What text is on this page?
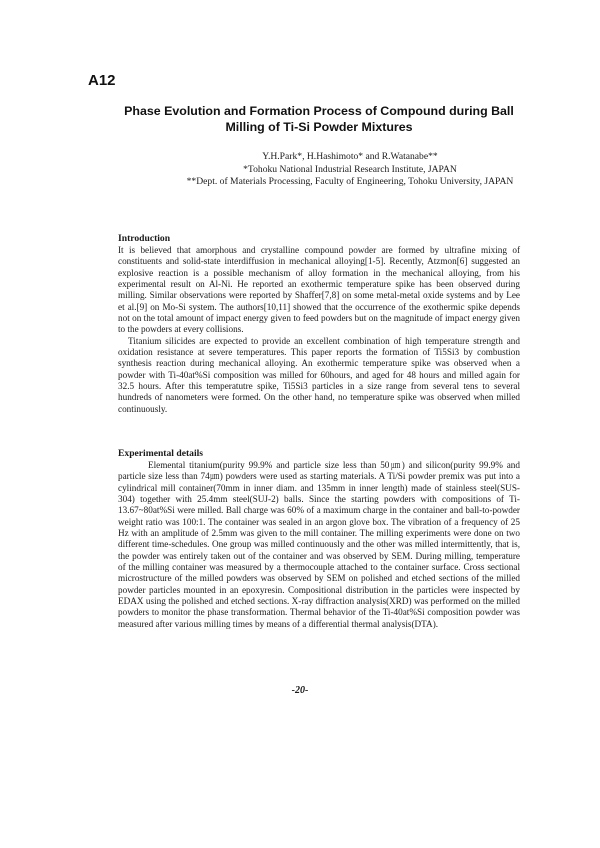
A12
Phase Evolution and Formation Process of Compound during Ball
Milling of Ti-Si Powder Mixtures
Y.H.Park*, H.Hashimoto* and R.Watanabe**
*Tohoku National Industrial Research Institute, JAPAN
**Dept. of Materials Processing, Faculty of Engineering, Tohoku University, JAPAN
Introduction

It is believed that amorphous and crystalline compound powder are formed by ultrafine mixing of constituents and solid-state interdiffusion in mechanical alloying[1-5]. Recently, Atzmon[6] suggested an explosive reaction is a possible mechanism of alloy formation in the mechanical alloying, from his experimental result on Al-Ni. He reported an exothermic temperature spike has been observed during milling. Similar observations were reported by Shaffer[7,8] on some metal-metal oxide systems and by Lee et al.[9] on Mo-Si system. The authors[10,11] showed that the occurrence of the exothermic spike depends not on the total amount of impact energy given to feed powders but on the magnitude of impact energy given to the powders at every collisions.

Titanium silicides are expected to provide an excellent combination of high temperature strength and oxidation resistance at severe temperatures. This paper reports the formation of Ti5Si3 by combustion synthesis reaction during mechanical alloying. An exothermic temperature spike was observed when a powder with Ti-40at%Si composition was milled for 60hours, and aged for 48 hours and milled again for 32.5 hours. After this temperatutre spike, Ti5Si3 particles in a size range from several tens to several hundreds of nanometers were formed. On the other hand, no temperature spike was observed when milled continuously.

Experimental details

Elemental titanium(purity 99.9% and particle size less than 50㎛) and silicon(purity 99.9% and particle size less than 74㎛) powders were used as starting materials. A Ti/Si powder premix was put into a cylindrical mill container(70mm in inner diam. and 135mm in inner length) made of stainless steel(SUS-304) together with 25.4mm steel(SUJ-2) balls. Since the starting powders with compositions of Ti-13.67~80at%Si were milled. Ball charge was 60% of a maximum charge in the container and ball-to-powder weight ratio was 100:1. The container was sealed in an argon glove box. The vibration of a frequency of 25 Hz with an amplitude of 2.5mm was given to the mill container. The milling experiments were done on two different time-schedules. One group was milled continuously and the other was milled intermittently, that is, the powder was entirely taken out of the container and was observed by SEM. During milling, temperature of the milling container was measured by a thermocouple attached to the container surface. Cross sectional microstructure of the milled powders was observed by SEM on polished and etched sections of the milled powder particles mounted in an epoxyresin. Compositional distribution in the particles were inspected by EDAX using the polished and etched sections. X-ray diffraction analysis(XRD) was performed on the milled powders to monitor the phase transformation. Thermal behavior of the Ti-40at%Si composition powder was measured after various milling times by means of a differential thermal analysis(DTA).

-20-
